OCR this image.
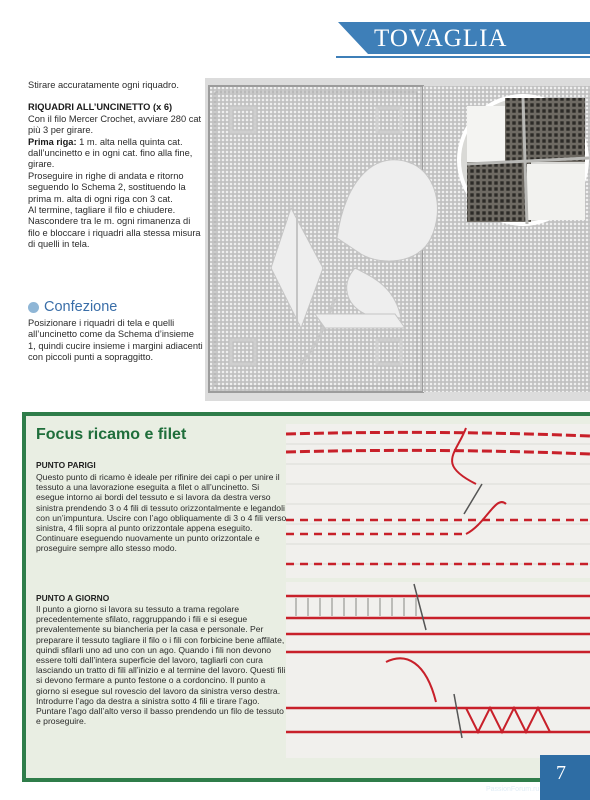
TOVAGLIA

Stirare accuratamente ogni riquadro.

RIQUADRI ALL’UNCINETTO (x 6)
Con il filo Mercer Crochet, avviare 280 cat più 3 per girare.
Prima riga: 1 m. alta nella quinta cat. dall’uncinetto e in ogni cat. fino alla fine, girare.
Proseguire in righe di andata e ritorno seguendo lo Schema 2, sostituendo la prima m. alta di ogni riga con 3 cat.
Al termine, tagliare il filo e chiudere. Nascondere tra le m. ogni rimanenza di filo e bloccare i riquadri alla stessa misura di quelli in tela.
Confezione
Posizionare i riquadri di tela e quelli all’uncinetto come da Schema d’insieme 1, quindi cucire insieme i margini adiacenti con piccoli punti a sopraggitto.
Focus ricamo e filet
PUNTO PARIGI
Questo punto di ricamo è ideale per rifinire dei capi o per unire il tessuto a una lavorazione eseguita a filet o all’uncinetto. Si esegue intorno ai bordi del tessuto e si lavora da destra verso sinistra prendendo 3 o 4 fili di tessuto orizzontalmente e legandoli con un’impuntura. Uscire con l’ago obliquamente di 3 o 4 fili verso sinistra, 4 fili sopra al punto orizzontale appena eseguito. Continuare eseguendo nuovamente un punto orizzontale e proseguire sempre allo stesso modo.
PUNTO A GIORNO
Il punto a giorno si lavora su tessuto a trama regolare precedentemente sfilato, raggruppando i fili e si esegue prevalentemente su biancheria per la casa e personale. Per preparare il tessuto tagliare il filo o i fili con forbicine bene affilate, quindi sfilarli uno ad uno con un ago. Quando i fili non devono essere tolti dall’intera superficie del lavoro, tagliarli con cura lasciando un tratto di fili all’inizio e al termine del lavoro. Questi fili si devono fermare a punto festone o a cordoncino. Il punto a giorno si esegue sul rovescio del lavoro da sinistra verso destra. Introdurre l’ago da destra a sinistra sotto 4 fili e tirare l’ago. Puntare l’ago dall’alto verso il basso prendendo un filo de tessuto e proseguire.
7
PassionForum.ru
